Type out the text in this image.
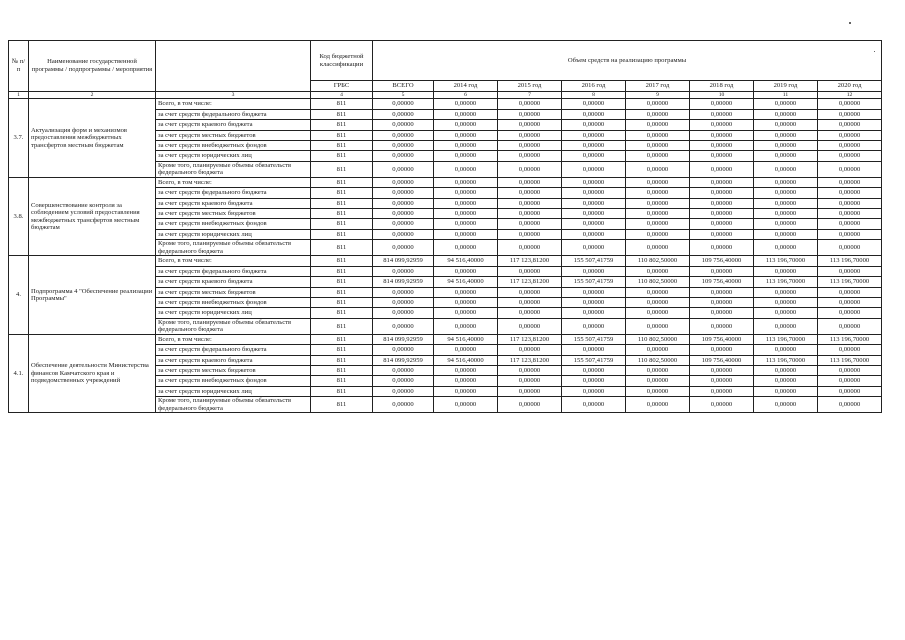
№ п/п	Наименование государственной программы / подпрограммы / мероприятия		Код бюджетной классификации	Объем средств на реализацию программы							
			ГРБС	ВСЕГО	2014 год	2015 год	2016 год	2017 год	2018 год	2019 год	2020 год
1	2	3	4	5	6	7	8	9	10	11	12
3.7.	Актуализация форм и механизмов предоставления межбюджетных трансфертов местным бюджетам	Всего, в том числе:	811	0,00000	0,00000	0,00000	0,00000	0,00000	0,00000	0,00000	0,00000
		за счет средств федерального бюджета	811	0,00000	0,00000	0,00000	0,00000	0,00000	0,00000	0,00000	0,00000
		за счет средств краевого бюджета	811	0,00000	0,00000	0,00000	0,00000	0,00000	0,00000	0,00000	0,00000
		за счет средств местных бюджетов	811	0,00000	0,00000	0,00000	0,00000	0,00000	0,00000	0,00000	0,00000
		за счет средств внебюджетных фондов	811	0,00000	0,00000	0,00000	0,00000	0,00000	0,00000	0,00000	0,00000
		за счет средств юридических лиц	811	0,00000	0,00000	0,00000	0,00000	0,00000	0,00000	0,00000	0,00000
		Кроме того, планируемые объемы обязательств федерального бюджета	811	0,00000	0,00000	0,00000	0,00000	0,00000	0,00000	0,00000	0,00000
3.8.	Совершенствование контроля за соблюдением условий предоставления межбюджетных трансфертов местным бюджетам	Всего, в том числе:	811	0,00000	0,00000	0,00000	0,00000	0,00000	0,00000	0,00000	0,00000
		за счет средств федерального бюджета	811	0,00000	0,00000	0,00000	0,00000	0,00000	0,00000	0,00000	0,00000
		за счет средств краевого бюджета	811	0,00000	0,00000	0,00000	0,00000	0,00000	0,00000	0,00000	0,00000
		за счет средств местных бюджетов	811	0,00000	0,00000	0,00000	0,00000	0,00000	0,00000	0,00000	0,00000
		за счет средств внебюджетных фондов	811	0,00000	0,00000	0,00000	0,00000	0,00000	0,00000	0,00000	0,00000
		за счет средств юридических лиц	811	0,00000	0,00000	0,00000	0,00000	0,00000	0,00000	0,00000	0,00000
		Кроме того, планируемые объемы обязательств федерального бюджета	811	0,00000	0,00000	0,00000	0,00000	0,00000	0,00000	0,00000	0,00000
4.	Подпрограмма 4 "Обеспечение реализации Программы"	Всего, в том числе:	811	814 099,92959	94 516,40000	117 123,81200	155 507,41759	110 802,50000	109 756,40000	113 196,70000	113 196,70000
		за счет средств федерального бюджета	811	0,00000	0,00000	0,00000	0,00000	0,00000	0,00000	0,00000	0,00000
		за счет средств краевого бюджета	811	814 099,92959	94 516,40000	117 123,81200	155 507,41759	110 802,50000	109 756,40000	113 196,70000	113 196,70000
		за счет средств местных бюджетов	811	0,00000	0,00000	0,00000	0,00000	0,00000	0,00000	0,00000	0,00000
		за счет средств внебюджетных фондов	811	0,00000	0,00000	0,00000	0,00000	0,00000	0,00000	0,00000	0,00000
		за счет средств юридических лиц	811	0,00000	0,00000	0,00000	0,00000	0,00000	0,00000	0,00000	0,00000
		Кроме того, планируемые объемы обязательств федерального бюджета	811	0,00000	0,00000	0,00000	0,00000	0,00000	0,00000	0,00000	0,00000
4.1.	Обеспечение деятельности Министерства финансов Камчатского края и подведомственных учреждений	Всего, в том числе:	811	814 099,92959	94 516,40000	117 123,81200	155 507,41759	110 802,50000	109 756,40000	113 196,70000	113 196,70000
		за счет средств федерального бюджета	811	0,00000	0,00000	0,00000	0,00000	0,00000	0,00000	0,00000	0,00000
		за счет средств краевого бюджета	811	814 099,92959	94 516,40000	117 123,81200	155 507,41759	110 802,50000	109 756,40000	113 196,70000	113 196,70000
		за счет средств местных бюджетов	811	0,00000	0,00000	0,00000	0,00000	0,00000	0,00000	0,00000	0,00000
		за счет средств внебюджетных фондов	811	0,00000	0,00000	0,00000	0,00000	0,00000	0,00000	0,00000	0,00000
		за счет средств юридических лиц	811	0,00000	0,00000	0,00000	0,00000	0,00000	0,00000	0,00000	0,00000
		Кроме того, планируемые объемы обязательств федерального бюджета	811	0,00000	0,00000	0,00000	0,00000	0,00000	0,00000	0,00000	0,00000
